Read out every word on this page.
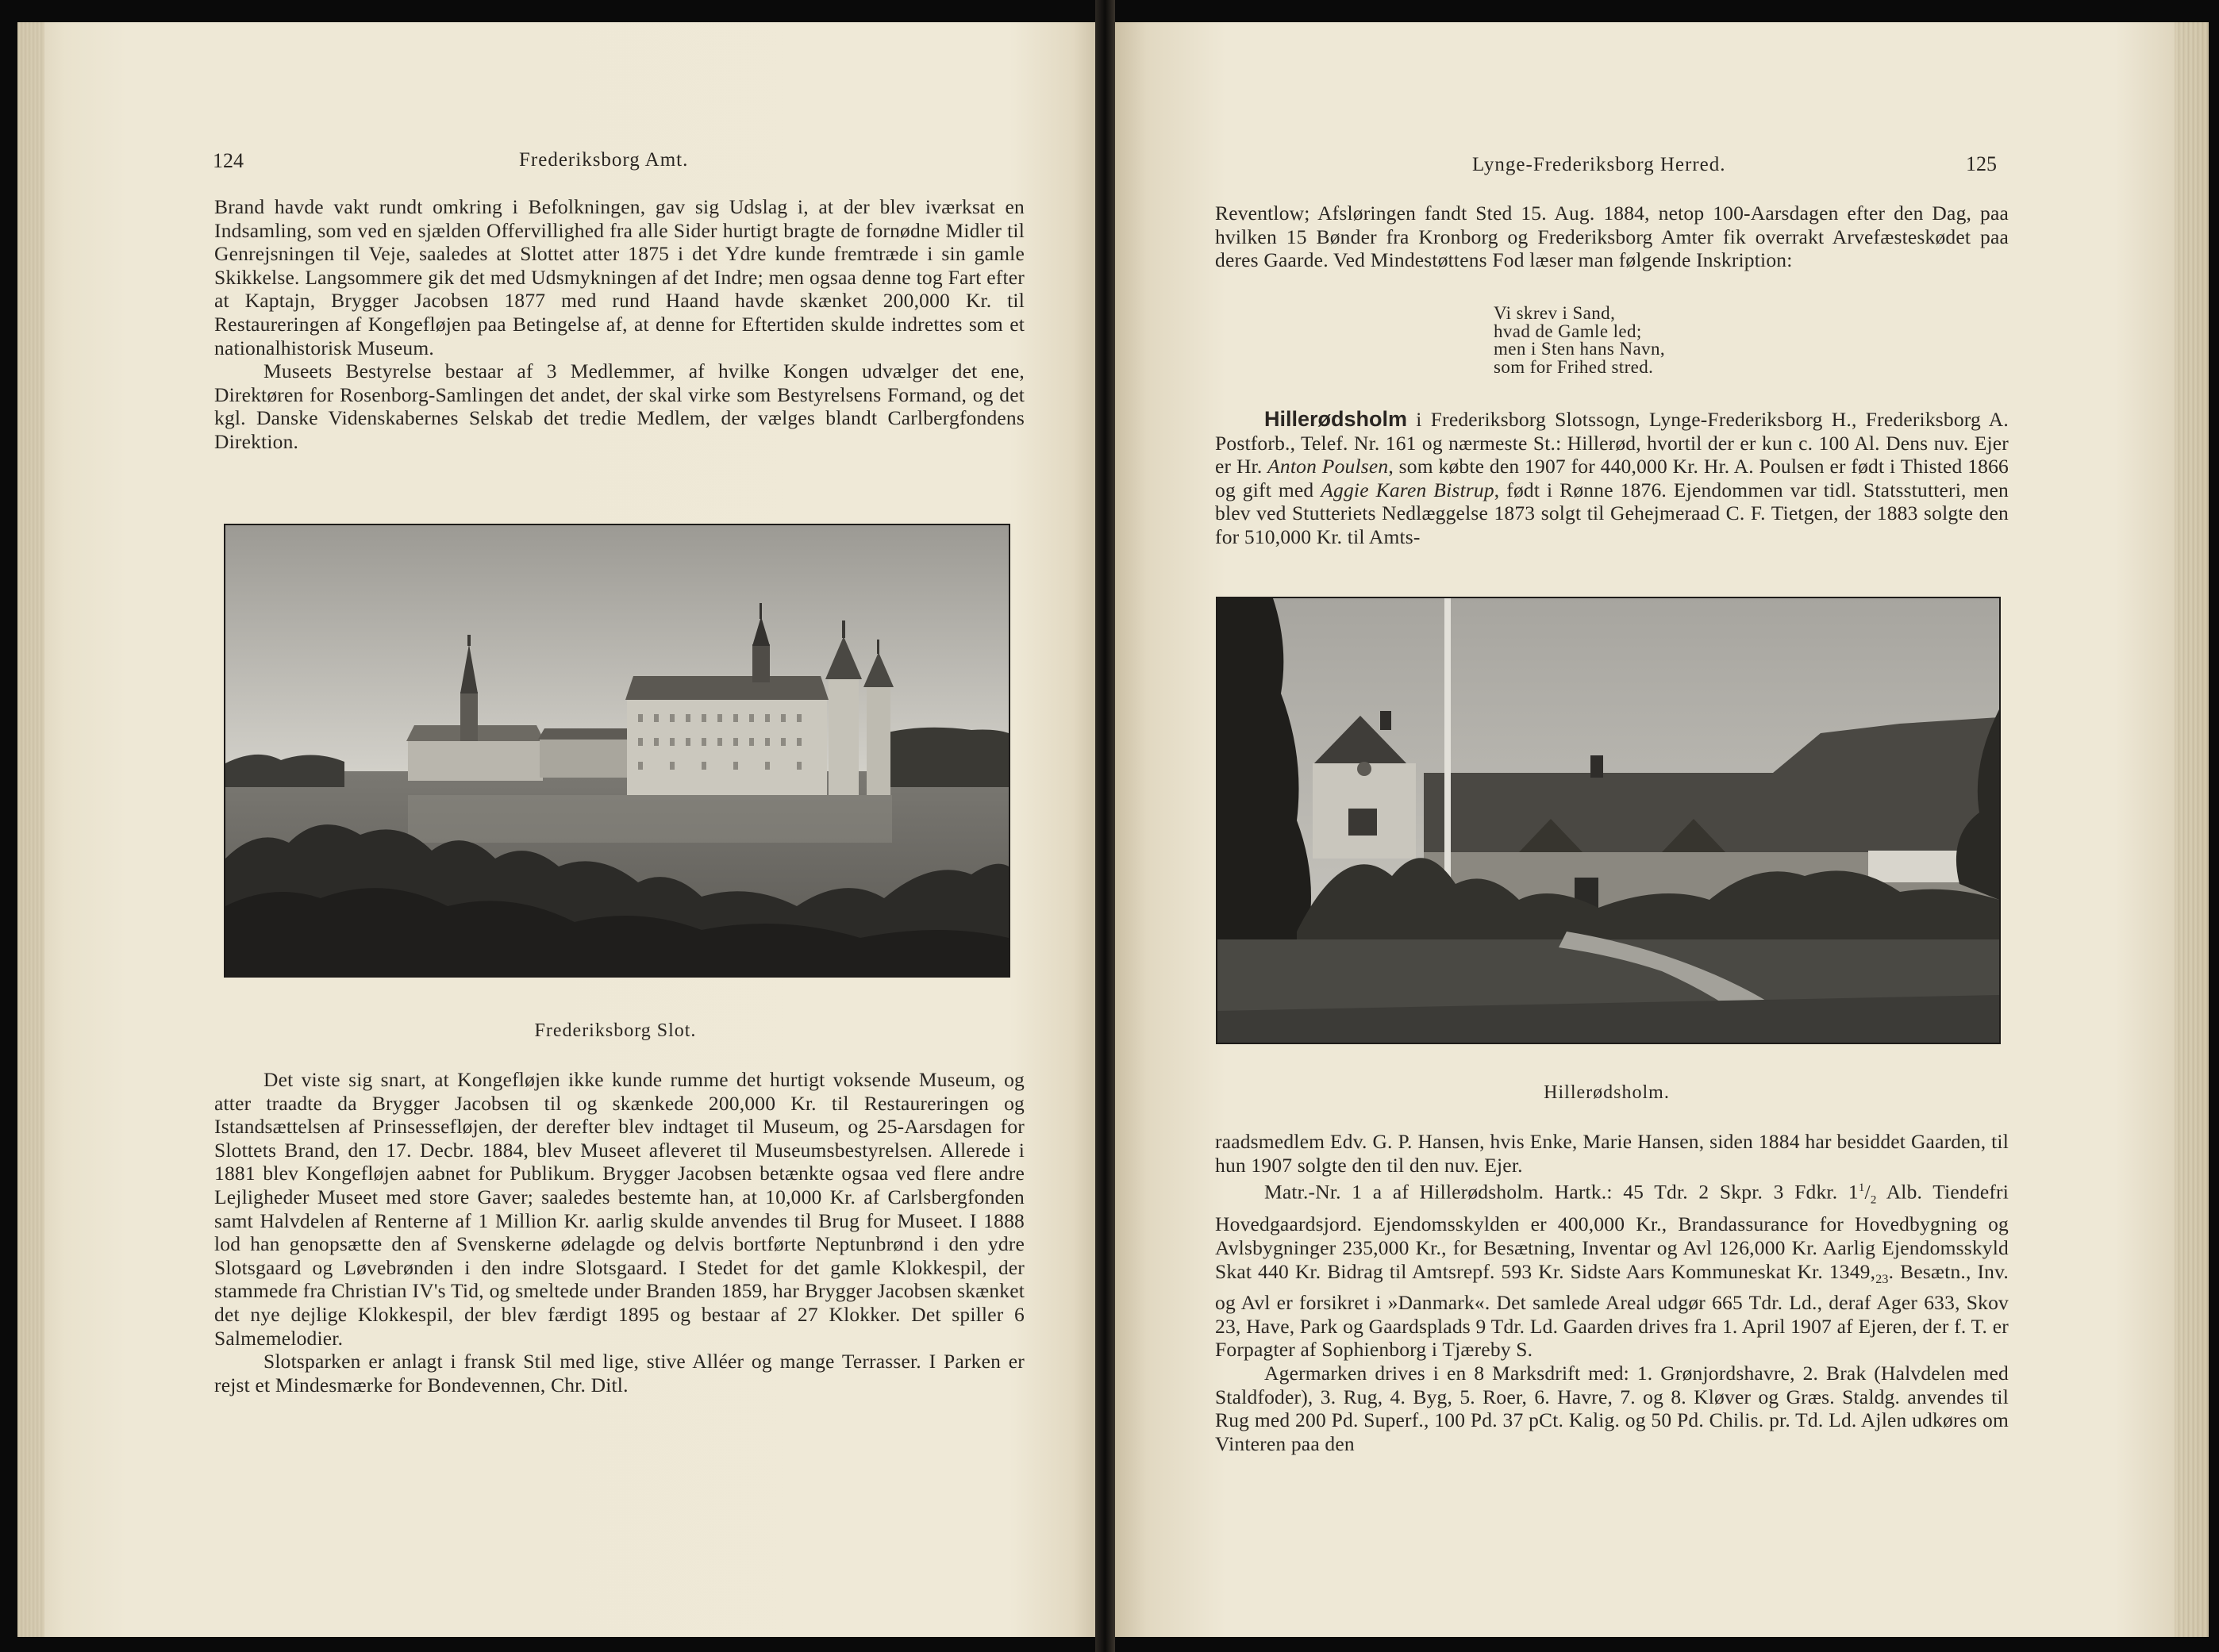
124	Frederiksborg Amt.

Brand havde vakt rundt omkring i Befolkningen, gav sig Udslag i, at der blev iværksat en Indsamling, som ved en sjælden Offervillighed fra alle Sider hurtigt bragte de fornødne Midler til Genrejsningen til Veje, saaledes at Slottet atter 1875 i det Ydre kunde fremtræde i sin gamle Skikkelse. Langsommere gik det med Udsmykningen af det Indre; men ogsaa denne tog Fart efter at Kaptajn, Brygger Jacobsen 1877 med rund Haand havde skænket 200,000 Kr. til Restaureringen af Kongefløjen paa Betingelse af, at denne for Eftertiden skulde indrettes som et nationalhistorisk Museum.

Museets Bestyrelse bestaar af 3 Medlemmer, af hvilke Kongen udvælger det ene, Direktøren for Rosenborg-Samlingen det andet, der skal virke som Bestyrelsens Formand, og det kgl. Danske Videnskabernes Selskab det tredie Medlem, der vælges blandt Carlbergfondens Direktion.

Frederiksborg Slot.

Det viste sig snart, at Kongefløjen ikke kunde rumme det hurtigt voksende Museum, og atter traadte da Brygger Jacobsen til og skænkede 200,000 Kr. til Restaureringen og Istandsættelsen af Prinsessefløjen, der derefter blev indtaget til Museum, og 25-Aarsdagen for Slottets Brand, den 17. Decbr. 1884, blev Museet afleveret til Museumsbestyrelsen. Allerede i 1881 blev Kongefløjen aabnet for Publikum. Brygger Jacobsen betænkte ogsaa ved flere andre Lejligheder Museet med store Gaver; saaledes bestemte han, at 10,000 Kr. af Carlsbergfonden samt Halvdelen af Renterne af 1 Million Kr. aarlig skulde anvendes til Brug for Museet. I 1888 lod han genopsætte den af Svenskerne ødelagde og delvis bortførte Neptunbrønd i den ydre Slotsgaard og Løvebrønden i den indre Slotsgaard. I Stedet for det gamle Klokkespil, der stammede fra Christian IV's Tid, og smeltede under Branden 1859, har Brygger Jacobsen skænket det nye dejlige Klokkespil, der blev færdigt 1895 og bestaar af 27 Klokker. Det spiller 6 Salmemelodier.

Slotsparken er anlagt i fransk Stil med lige, stive Alléer og mange Terrasser. I Parken er rejst et Mindesmærke for Bondevennen, Chr. Ditl.

Lynge-Frederiksborg Herred.	125

Reventlow; Afsløringen fandt Sted 15. Aug. 1884, netop 100-Aarsdagen efter den Dag, paa hvilken 15 Bønder fra Kronborg og Frederiksborg Amter fik overrakt Arvefæsteskødet paa deres Gaarde. Ved Mindestøttens Fod læser man følgende Inskription:

Vi skrev i Sand,
hvad de Gamle led;
men i Sten hans Navn,
som for Frihed stred.

Hillerødsholm i Frederiksborg Slotssogn, Lynge-Frederiksborg H., Frederiksborg A. Postforb., Telef. Nr. 161 og nærmeste St.: Hillerød, hvortil der er kun c. 100 Al. Dens nuv. Ejer er Hr. Anton Poulsen, som købte den 1907 for 440,000 Kr. Hr. A. Poulsen er født i Thisted 1866 og gift med Aggie Karen Bistrup, født i Rønne 1876. Ejendommen var tidl. Statsstutteri, men blev ved Stutteriets Nedlæggelse 1873 solgt til Gehejmeraad C. F. Tietgen, der 1883 solgte den for 510,000 Kr. til Amts-

Hillerødsholm.

raadsmedlem Edv. G. P. Hansen, hvis Enke, Marie Hansen, siden 1884 har besiddet Gaarden, til hun 1907 solgte den til den nuv. Ejer.

Matr.-Nr. 1 a af Hillerødsholm. Hartk.: 45 Tdr. 2 Skpr. 3 Fdkr. $1^1/_2$ Alb. Tiendefri Hovedgaardsjord. Ejendomsskylden er 400,000 Kr., Brandassurance for Hovedbygning og Avlsbygninger 235,000 Kr., for Besætning, Inventar og Avl 126,000 Kr. Aarlig Ejendomsskyld Skat 440 Kr. Bidrag til Amtsrepf. 593 Kr. Sidste Aars Kommuneskat Kr. $1349,_{23}$. Besætn., Inv. og Avl er forsikret i »Danmark«. Det samlede Areal udgør 665 Tdr. Ld., deraf Ager 633, Skov 23, Have, Park og Gaardsplads 9 Tdr. Ld. Gaarden drives fra 1. April 1907 af Ejeren, der f. T. er Forpagter af Sophienborg i Tjæreby S.

Agermarken drives i en 8 Marksdrift med: 1. Grønjordshavre, 2. Brak (Halvdelen med Staldfoder), 3. Rug, 4. Byg, 5. Roer, 6. Havre, 7. og 8. Kløver og Græs. Staldg. anvendes til Rug med 200 Pd. Superf., 100 Pd. 37 pCt. Kalig. og 50 Pd. Chilis. pr. Td. Ld. Ajlen udkøres om Vinteren paa den
